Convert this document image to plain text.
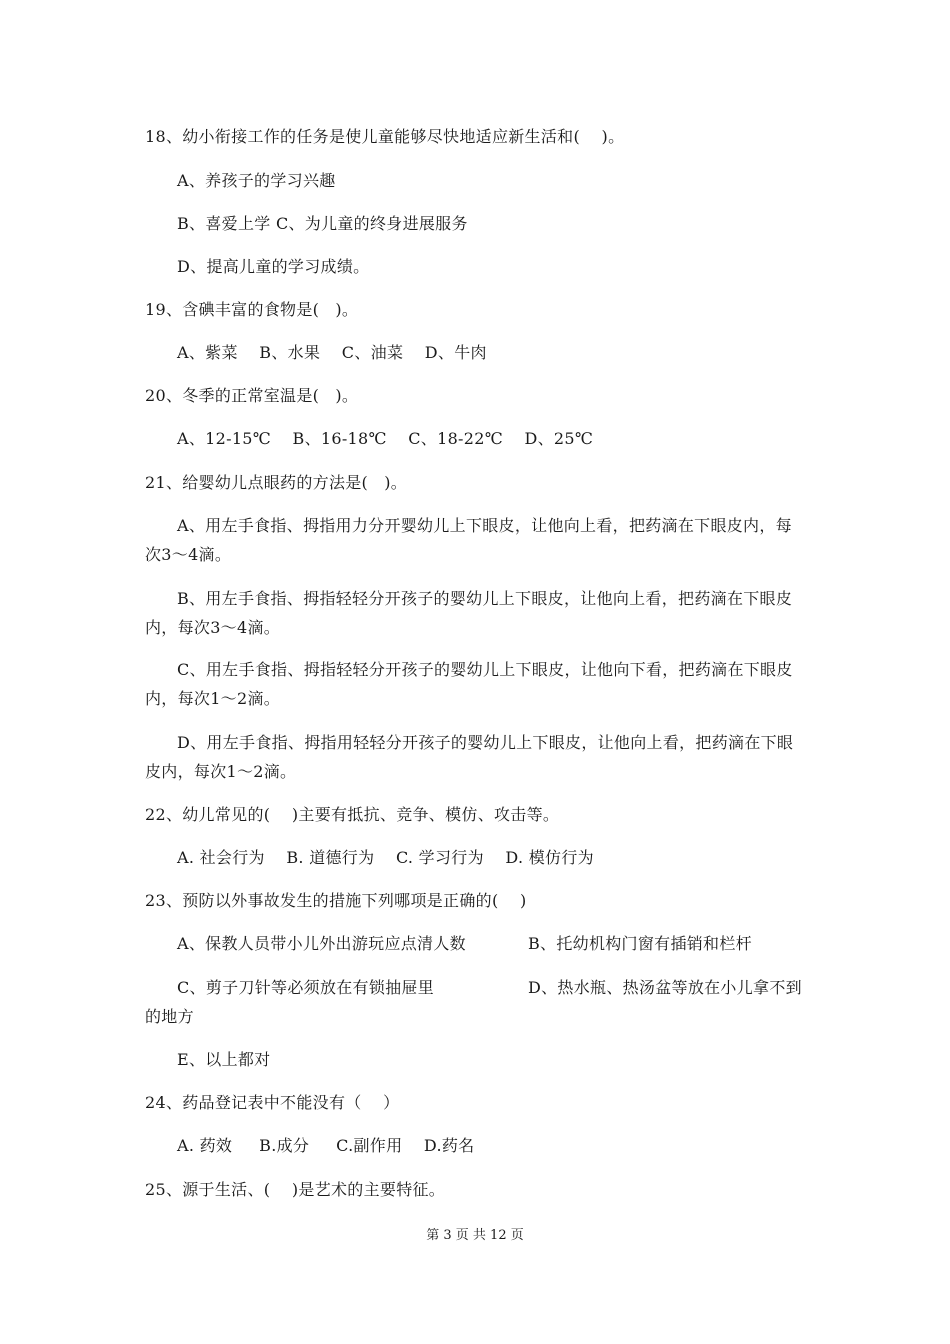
18、幼小衔接工作的任务是使儿童能够尽快地适应新生活和(    )。
A、养孩子的学习兴趣
B、喜爱上学 C、为儿童的终身进展服务
D、提高儿童的学习成绩。
19、含碘丰富的食物是(   )。
A、紫菜    B、水果    C、油菜    D、牛肉
20、冬季的正常室温是(   )。
A、12-15℃    B、16-18℃    C、18-22℃    D、25℃
21、给婴幼儿点眼药的方法是(   )。
A、用左手食指、拇指用力分开婴幼儿上下眼皮，让他向上看，把药滴在下眼皮内，每
次3～4滴。
B、用左手食指、拇指轻轻分开孩子的婴幼儿上下眼皮，让他向上看，把药滴在下眼皮
内，每次3～4滴。
C、用左手食指、拇指轻轻分开孩子的婴幼儿上下眼皮，让他向下看，把药滴在下眼皮
内，每次1～2滴。
D、用左手食指、拇指用轻轻分开孩子的婴幼儿上下眼皮，让他向上看，把药滴在下眼
皮内，每次1～2滴。
22、幼儿常见的(    )主要有抵抗、竞争、模仿、攻击等。
A. 社会行为    B. 道德行为    C. 学习行为    D. 模仿行为
23、预防以外事故发生的措施下列哪项是正确的(    )
A、保教人员带小儿外出游玩应点清人数	B、托幼机构门窗有插销和栏杆
C、剪子刀针等必须放在有锁抽屉里	D、热水瓶、热汤盆等放在小儿拿不到
的地方
E、以上都对
24、药品登记表中不能没有（    ）
A. 药效     B.成分     C.副作用    D.药名
25、源于生活、(    )是艺术的主要特征。
第 3 页 共 12 页
